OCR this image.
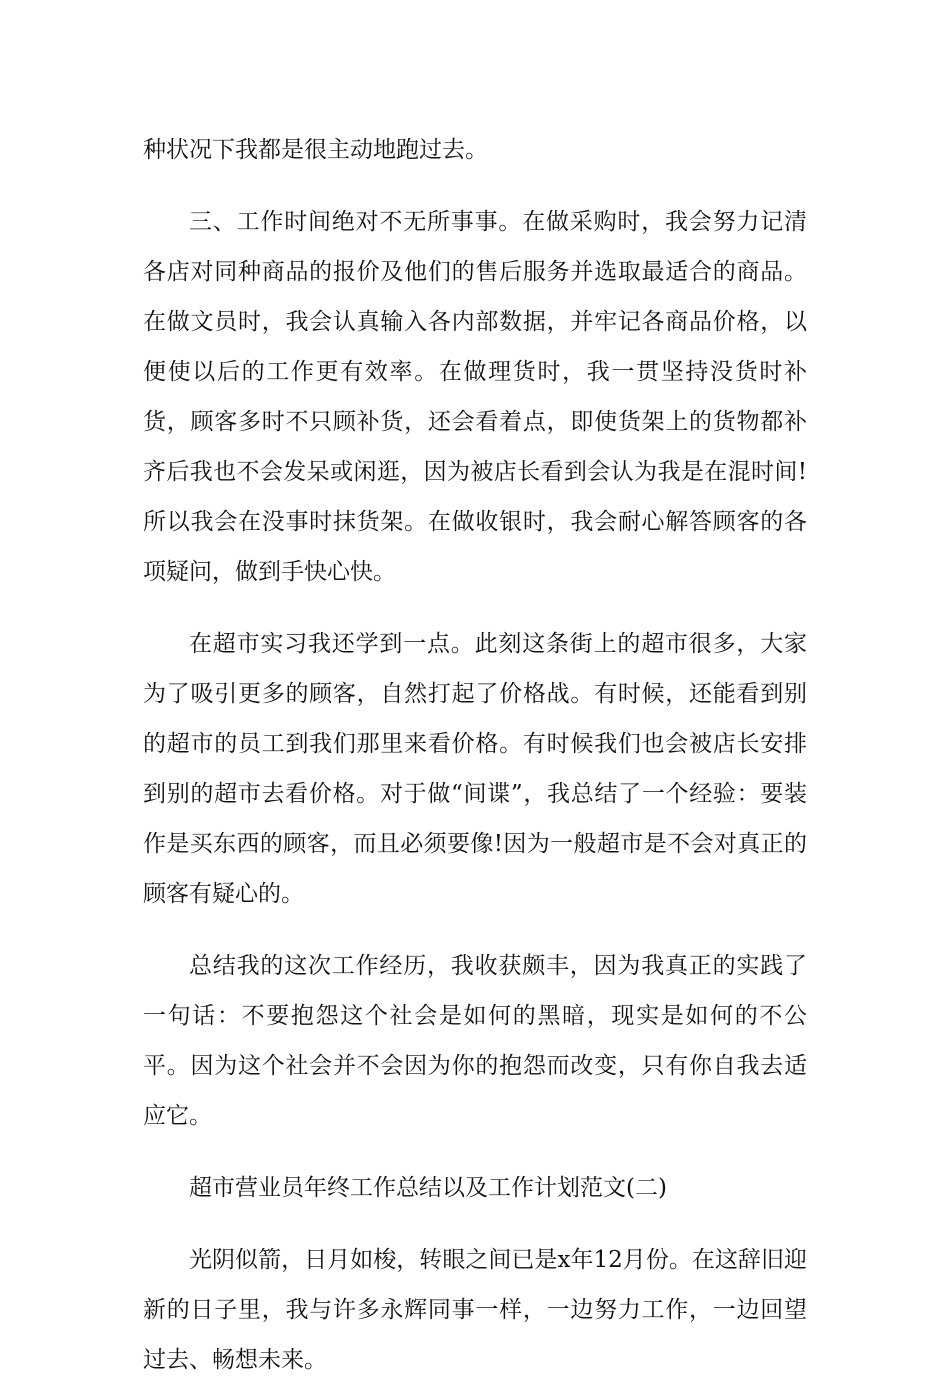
种状况下我都是很主动地跑过去。

三、工作时间绝对不无所事事。在做采购时，我会努力记清各店对同种商品的报价及他们的售后服务并选取最适合的商品。在做文员时，我会认真输入各内部数据，并牢记各商品价格，以便使以后的工作更有效率。在做理货时，我一贯坚持没货时补货，顾客多时不只顾补货，还会看着点，即使货架上的货物都补齐后我也不会发呆或闲逛，因为被店长看到会认为我是在混时间!所以我会在没事时抹货架。在做收银时，我会耐心解答顾客的各项疑问，做到手快心快。

在超市实习我还学到一点。此刻这条街上的超市很多，大家为了吸引更多的顾客，自然打起了价格战。有时候，还能看到别的超市的员工到我们那里来看价格。有时候我们也会被店长安排到别的超市去看价格。对于做“间谍”，我总结了一个经验：要装作是买东西的顾客，而且必须要像!因为一般超市是不会对真正的顾客有疑心的。

总结我的这次工作经历，我收获颇丰，因为我真正的实践了一句话：不要抱怨这个社会是如何的黑暗，现实是如何的不公平。因为这个社会并不会因为你的抱怨而改变，只有你自我去适应它。

超市营业员年终工作总结以及工作计划范文(二)

光阴似箭，日月如梭，转眼之间已是x年12月份。在这辞旧迎新的日子里，我与许多永辉同事一样，一边努力工作，一边回望过去、畅想未来。
